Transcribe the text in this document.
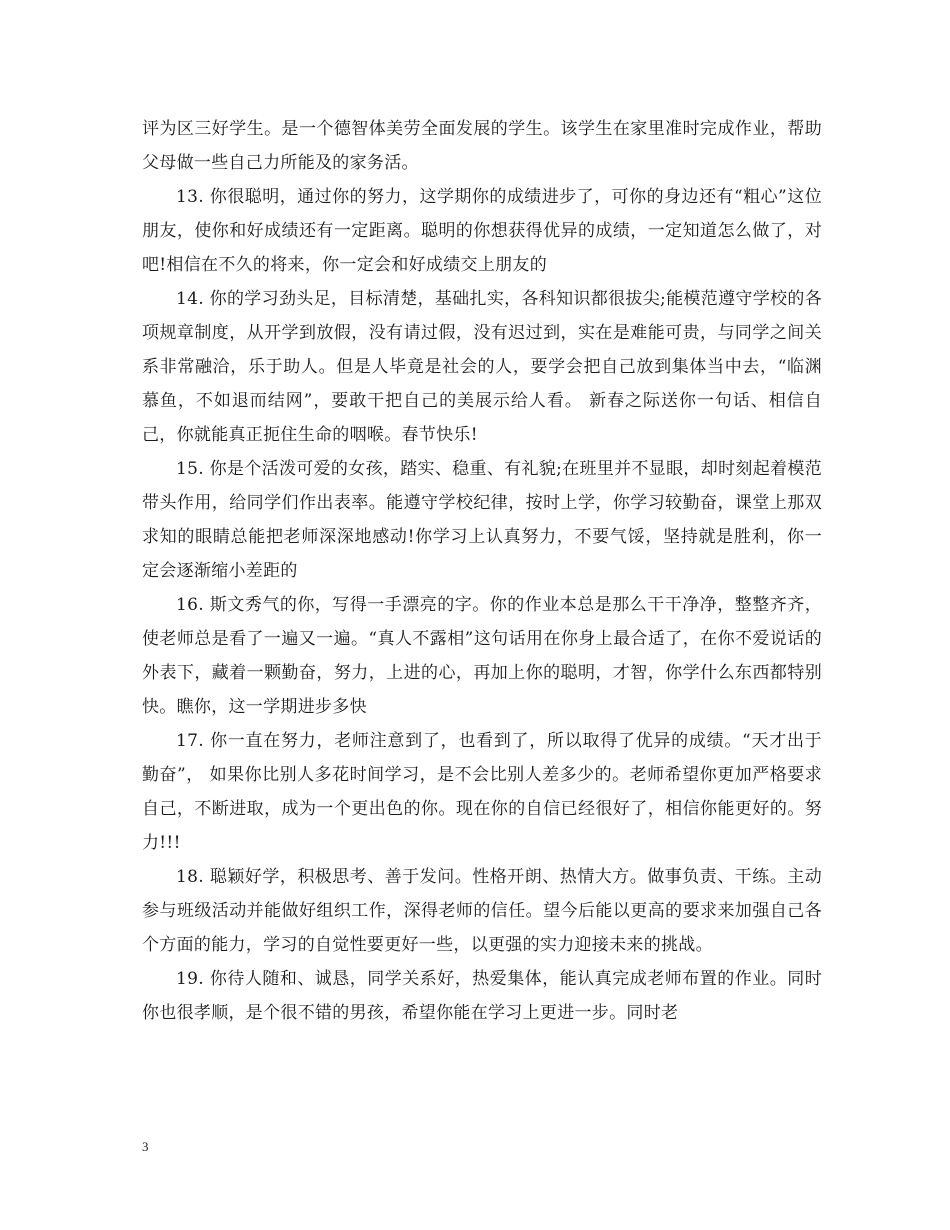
评为区三好学生。是一个德智体美劳全面发展的学生。该学生在家里准时完成作业，帮助父母做一些自己力所能及的家务活。

13. 你很聪明，通过你的努力，这学期你的成绩进步了，可你的身边还有“粗心”这位朋友，使你和好成绩还有一定距离。聪明的你想获得优异的成绩，一定知道怎么做了，对吧!相信在不久的将来，你一定会和好成绩交上朋友的

14. 你的学习劲头足，目标清楚，基础扎实，各科知识都很拔尖;能模范遵守学校的各项规章制度，从开学到放假，没有请过假，没有迟过到，实在是难能可贵，与同学之间关系非常融洽，乐于助人。但是人毕竟是社会的人，要学会把自己放到集体当中去，“临渊慕鱼，不如退而结网”，要敢干把自己的美展示给人看。 新春之际送你一句话、相信自己，你就能真正扼住生命的咽喉。春节快乐!

15. 你是个活泼可爱的女孩，踏实、稳重、有礼貌;在班里并不显眼，却时刻起着模范带头作用，给同学们作出表率。能遵守学校纪律，按时上学，你学习较勤奋，课堂上那双求知的眼睛总能把老师深深地感动!你学习上认真努力，不要气馁，坚持就是胜利，你一定会逐渐缩小差距的

16. 斯文秀气的你，写得一手漂亮的字。你的作业本总是那么干干净净，整整齐齐，使老师总是看了一遍又一遍。“真人不露相”这句话用在你身上最合适了，在你不爱说话的外表下，藏着一颗勤奋，努力，上进的心，再加上你的聪明，才智，你学什么东西都特别快。瞧你，这一学期进步多快

17. 你一直在努力，老师注意到了，也看到了，所以取得了优异的成绩。“天才出于勤奋”， 如果你比别人多花时间学习，是不会比别人差多少的。老师希望你更加严格要求自己，不断进取，成为一个更出色的你。现在你的自信已经很好了，相信你能更好的。努力!!!

18. 聪颖好学，积极思考、善于发问。性格开朗、热情大方。做事负责、干练。主动参与班级活动并能做好组织工作，深得老师的信任。望今后能以更高的要求来加强自己各个方面的能力，学习的自觉性要更好一些，以更强的实力迎接未来的挑战。

19. 你待人随和、诚恳，同学关系好，热爱集体，能认真完成老师布置的作业。同时你也很孝顺，是个很不错的男孩，希望你能在学习上更进一步。同时老

3
